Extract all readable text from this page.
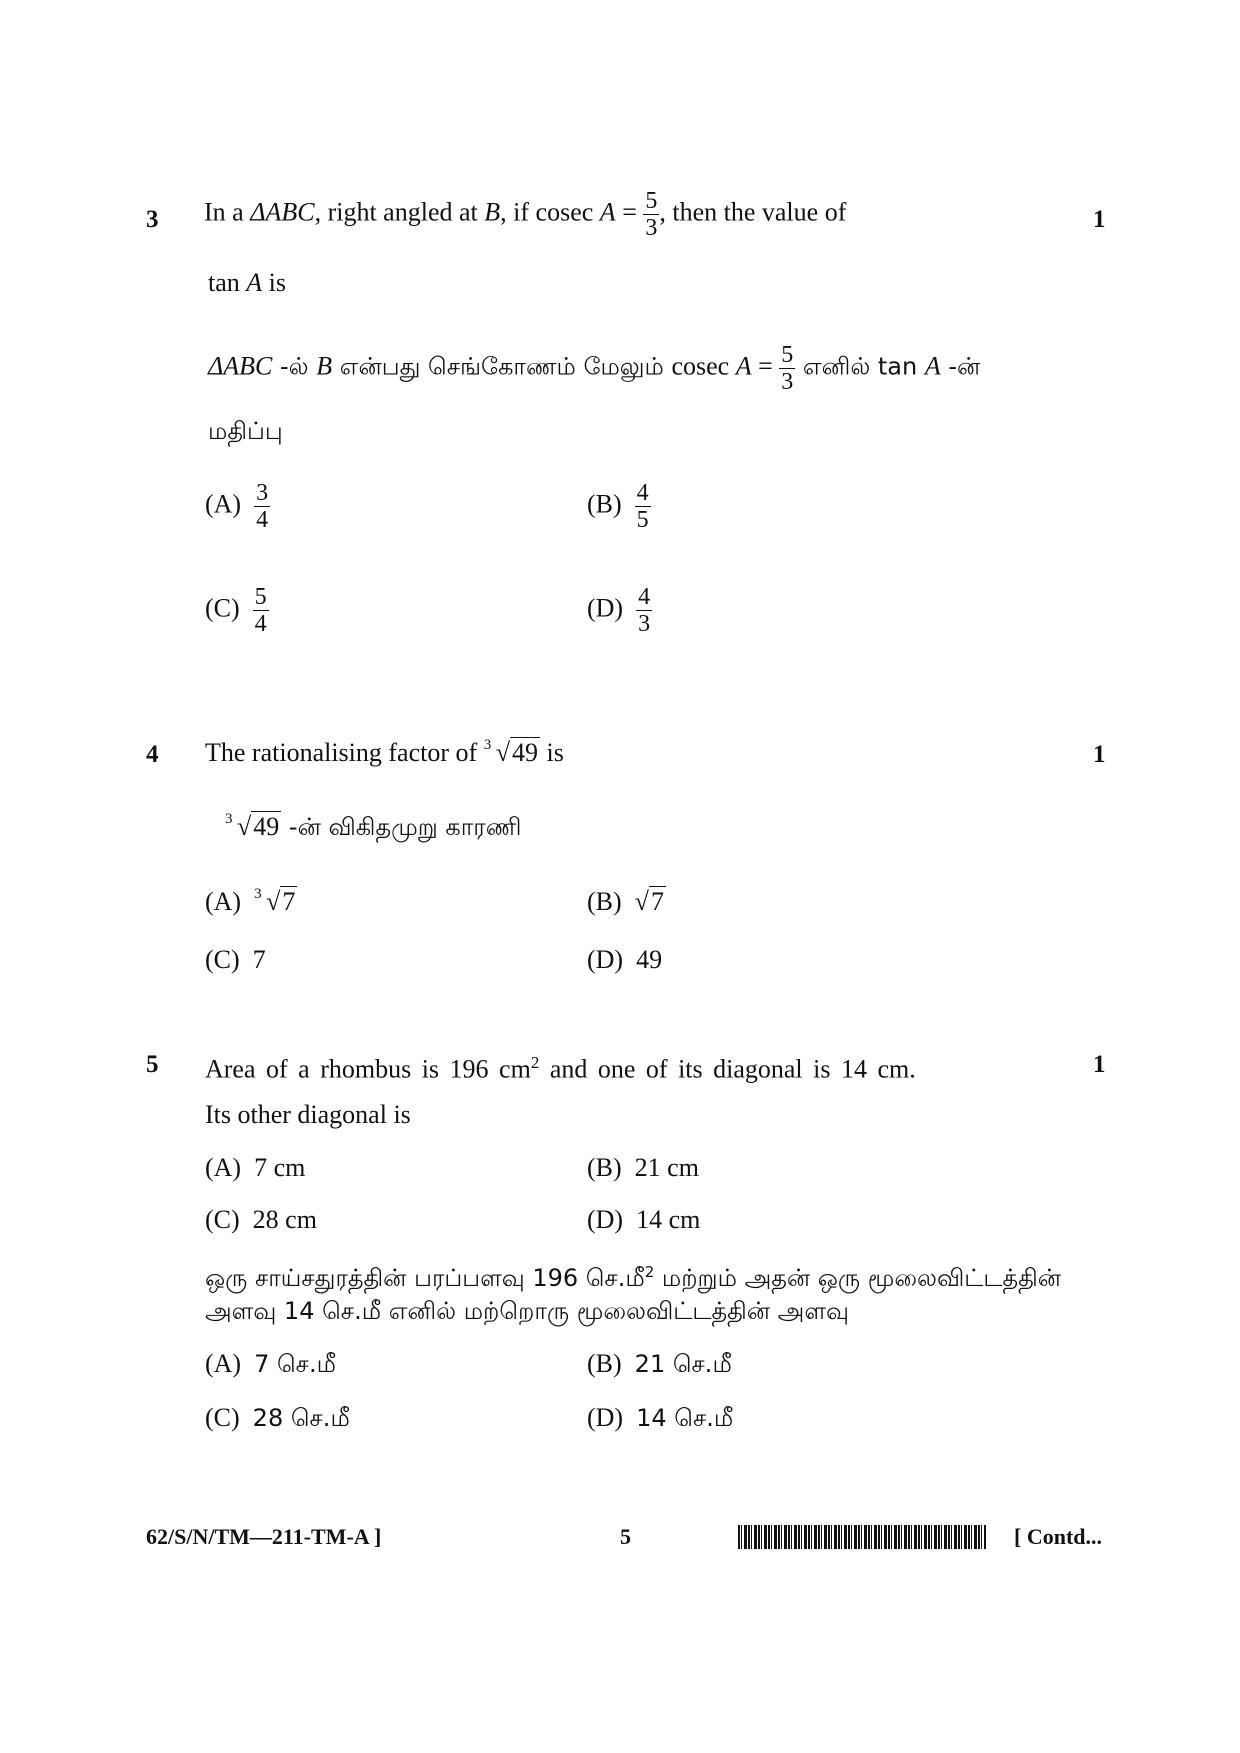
3	1
In a ΔABC, right angled at B, if cosec $A = \frac{5}{3}$ , then the value of
tan A is
ΔABC -ல் B என்பது செங்கோணம் மேலும் cosec $A = \frac{5}{3}$ எனில் tan A -ன்
மதிப்பு
$(A) \frac{3}{4}$	$(B) \frac{4}{5}$
$(C) \frac{5}{4}$	$(D) \frac{4}{3}$
4	1
The rationalising factor of 3 √49 is
3 √49 -ன் விகிதமுறு காரணி
(A) 3 √7	(B) √7
(C) 7	(D) 49
5	1
Area of a rhombus is 196 $cm^2$ and one of its diagonal is 14 cm.
Its other diagonal is
(A) 7 cm	(B) 21 cm
(C) 28 cm	(D) 14 cm
ஒரு சாய்சதுரத்தின் பரப்பளவு 196 செ.மீ$^2$ மற்றும் அதன் ஒரு மூலைவிட்டத்தின்
அளவு 14 செ.மீ எனில் மற்றொரு மூலைவிட்டத்தின் அளவு
(A) 7 செ.மீ	(B) 21 செ.மீ
(C) 28 செ.மீ	(D) 14 செ.மீ
62/S/N/TM—211-TM-A ]	5	[ Contd...
